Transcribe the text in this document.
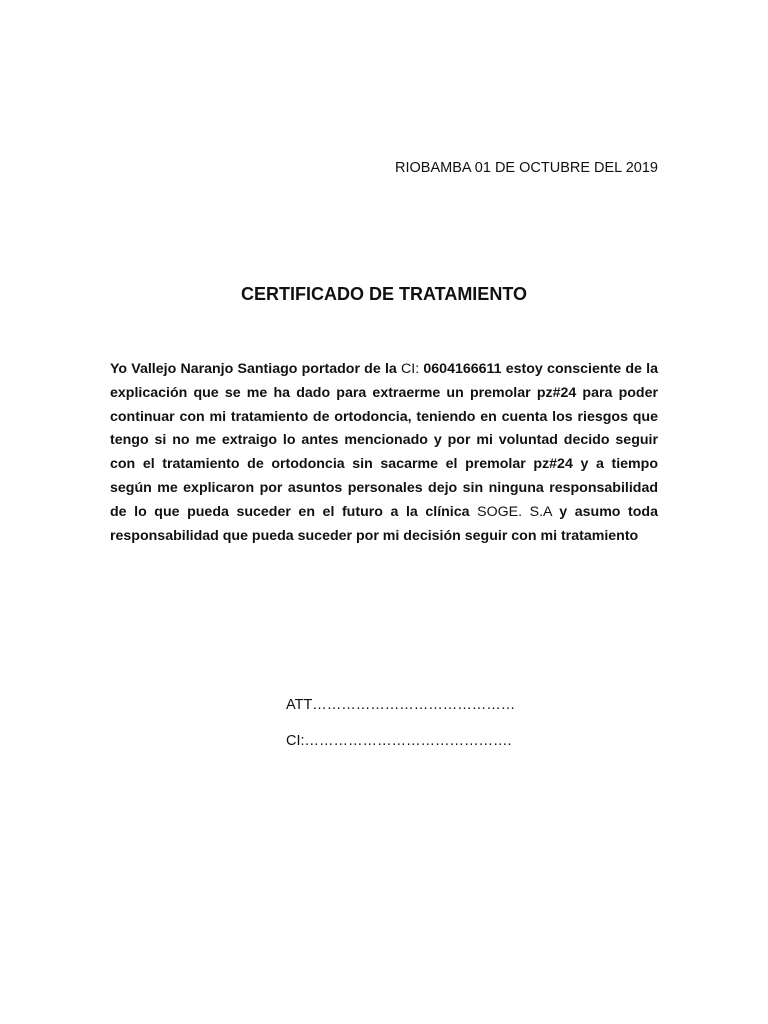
RIOBAMBA 01 DE OCTUBRE DEL 2019
CERTIFICADO DE TRATAMIENTO
Yo Vallejo Naranjo Santiago portador de la CI: 0604166611 estoy consciente de la explicación que se me ha dado para extraerme un premolar pz#24 para poder continuar con mi tratamiento de ortodoncia, teniendo en cuenta los riesgos que tengo si no me extraigo lo antes mencionado y por mi voluntad decido seguir con el tratamiento de ortodoncia sin sacarme el premolar pz#24 y a tiempo según me explicaron por asuntos personales dejo sin ninguna responsabilidad de lo que pueda suceder en el futuro a la clínica SOGE. S.A y asumo toda responsabilidad que pueda suceder por mi decisión seguir con mi tratamiento
ATT……………………………………
CI:…………………………………….
